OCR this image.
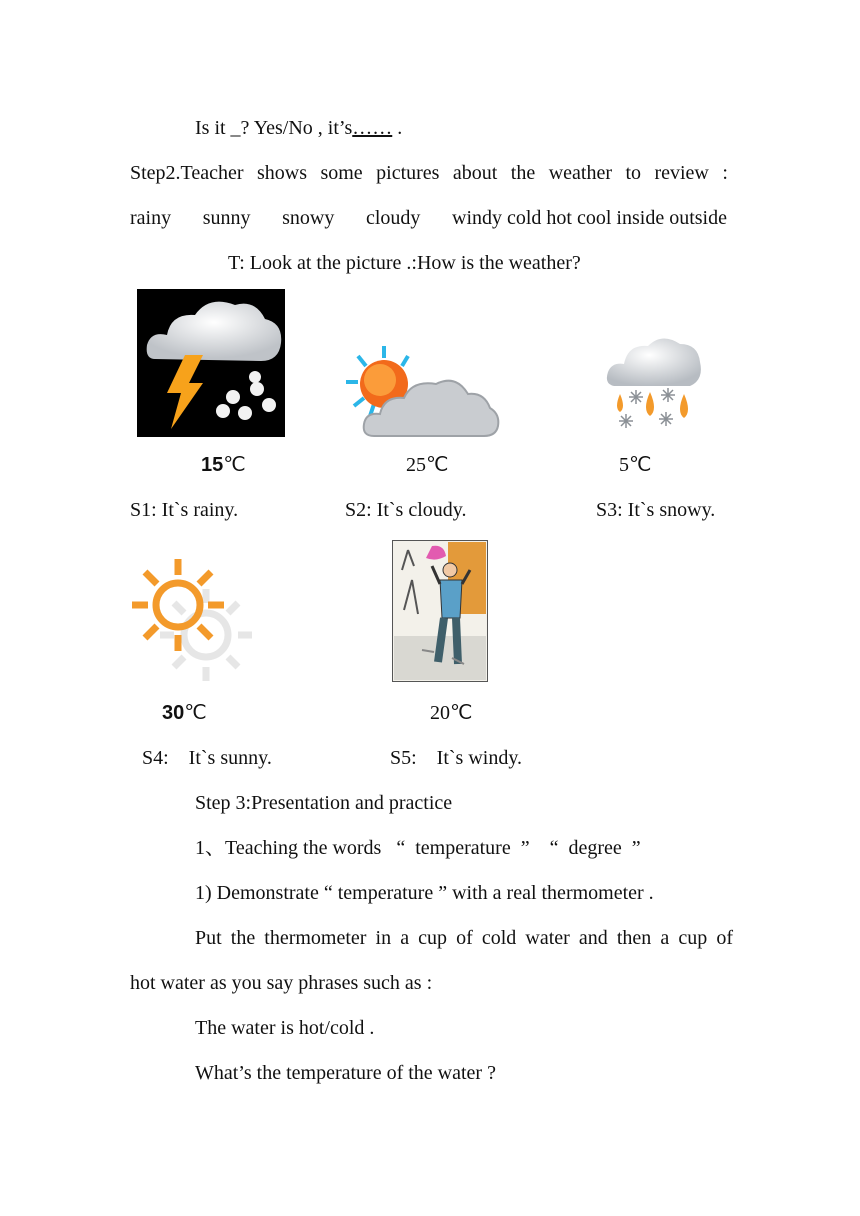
Is it _? Yes/No , it’s…… .
Step2.Teacher shows some pictures about the weather to review :
rainy sunny snowy cloudy windy cold hot cool inside outside
T: Look at the picture .:How is the weather?
15℃	25℃	5℃
S1: It`s rainy.	S2: It`s cloudy.	S3: It`s snowy.
30℃	20℃
S4:    It`s sunny.	S5:    It`s windy.
Step 3:Presentation and practice
1、Teaching the words   “  temperature  ”    “  degree  ”
1) Demonstrate “ temperature ” with a real thermometer .
Put the thermometer in a cup of cold water and then a cup of
hot water as you say phrases such as :
The water is hot/cold .
What’s the temperature of the water ?
